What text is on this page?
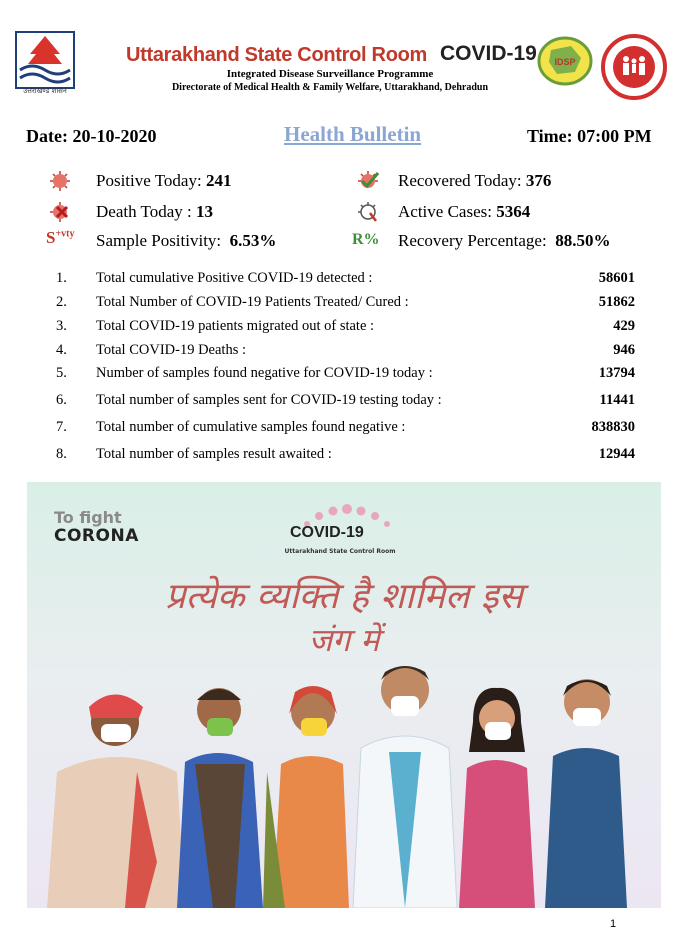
उत्तराखण्ड शासन
Uttarakhand State Control Room COVID-19
Integrated Disease Surveillance Programme
Directorate of Medical Health & Family Welfare, Uttarakhand, Dehradun
IDSP
Date: 20-10-2020	Health Bulletin	Time: 07:00 PM
Positive Today: 241	Recovered Today: 376
Death Today : 13	Active Cases: 5364
$S^{+vty}$ Sample Positivity: 6.53%	R% Recovery Percentage: 88.50%
1. Total cumulative Positive COVID-19 detected :	58601
2. Total Number of COVID-19 Patients Treated/ Cured :	51862
3. Total COVID-19 patients migrated out of state :	429
4. Total COVID-19 Deaths :	946
5. Number of samples found negative for COVID-19 today :	13794
6. Total number of samples sent for COVID-19 testing today :	11441
7. Total number of cumulative samples found negative :	838830
8. Total number of samples result awaited :	12944
To fight
CORONA	COVID-19
Uttarakhand State Control Room
प्रत्येक व्यक्ति है शामिल इस
जंग में
1
